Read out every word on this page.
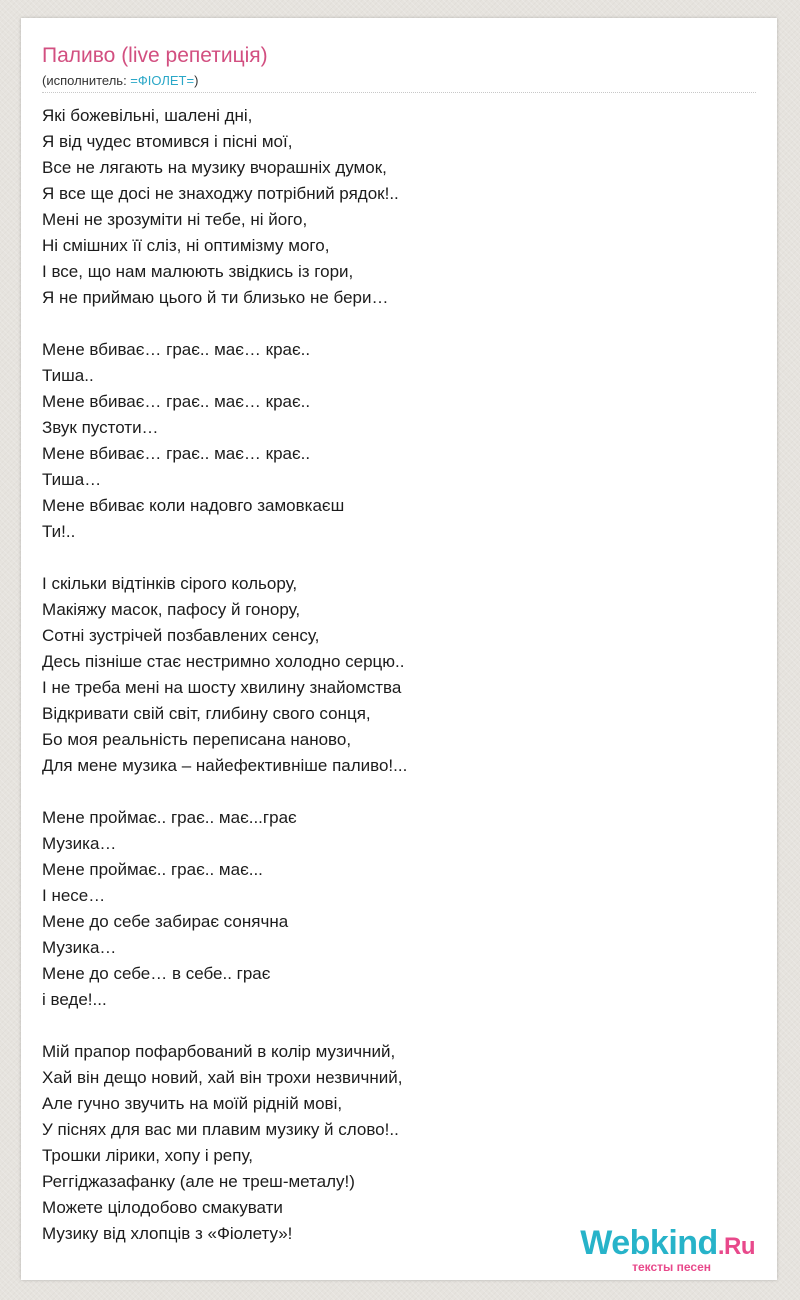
Паливо (live репетиція)
(исполнитель: =ФІОЛЕТ=)
Які божевільні, шалені дні,
Я від чудес втомився і пісні мої,
Все не лягають на музику вчорашніх думок,
Я все ще досі не знаходжу потрібний рядок!..
Мені не зрозуміти ні тебе, ні його,
Ні смішних її сліз, ні оптимізму мого,
І все, що нам малюють звідкись із гори,
Я не приймаю цього й ти близько не бери…
Мене вбиває… грає.. має… крає..
Тиша..
Мене вбиває… грає.. має… крає..
Звук пустоти…
Мене вбиває… грає.. має… крає..
Тиша…
Мене вбиває коли надовго замовкаєш
Ти!..
І скільки відтінків сірого кольору,
Макіяжу масок, пафосу й гонору,
Сотні зустрічей позбавлених сенсу,
Десь пізніше стає нестримно холодно серцю..
І не треба мені на шосту хвилину знайомства
Відкривати свій світ, глибину свого сонця,
Бо моя реальність переписана наново,
Для мене музика – найефективніше паливо!...
Мене проймає.. грає.. має...грає
Музика…
Мене проймає.. грає.. має...
І несе…
Мене до себе забирає сонячна
Музика…
Мене до себе… в себе.. грає
і веде!...
Мій прапор пофарбований в колір музичний,
Хай він дещо новий, хай він трохи незвичний,
Але гучно звучить на моїй рідній мові,
У піснях для вас ми плавим музику й слово!..
Трошки лірики, хопу і репу,
Реггіджазафанку (але не треш-металу!)
Можете цілодобово смакувати
Музику від хлопців з «Фіолету»!	Webkind.Ru
тексты песен
